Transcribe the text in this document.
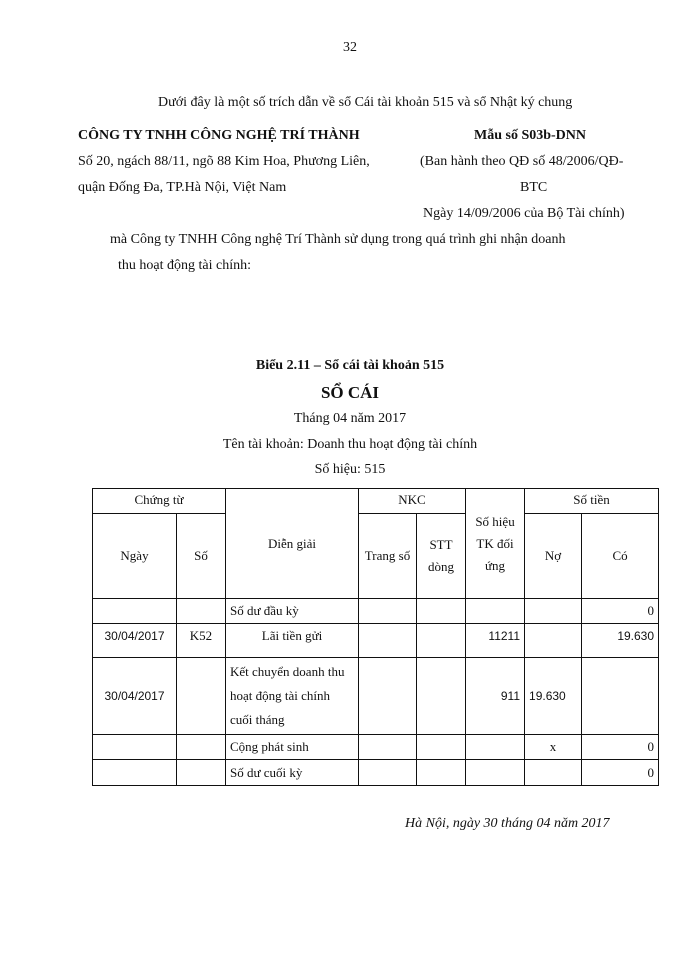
32
Dưới đây là một số trích dẫn về sổ Cái tài khoản 515 và sổ Nhật ký chung
CÔNG TY TNHH CÔNG NGHỆ TRÍ THÀNH	Mẫu số S03b-DNN
Số 20, ngách 88/11, ngõ 88 Kim Hoa, Phương Liên,
quận Đống Đa, TP.Hà Nội, Việt Nam
(Ban hành theo QĐ số 48/2006/QĐ-
BTC
Ngày 14/09/2006 của Bộ Tài chính)
mà Công ty TNHH Công nghệ Trí Thành sử dụng trong quá trình ghi nhận doanh
thu hoạt động tài chính:
Biểu 2.11 – Sổ cái tài khoản 515
SỔ CÁI
Tháng 04 năm 2017
Tên tài khoản: Doanh thu hoạt động tài chính
Số hiệu: 515
Chứng từ		Diễn giải	NKC		Số hiệu TK đối ứng	Số tiền	
Ngày	Số		Trang số	STT dòng		Nợ	Có
		Số dư đầu kỳ					0
30/04/2017	K52	Lãi tiền gửi			11211		19.630
30/04/2017		Kết chuyển doanh thu hoạt động tài chính cuối tháng			911	19.630	
		Cộng phát sinh				x	0
		Số dư cuối kỳ					0
Hà Nội, ngày 30 tháng 04 năm 2017
